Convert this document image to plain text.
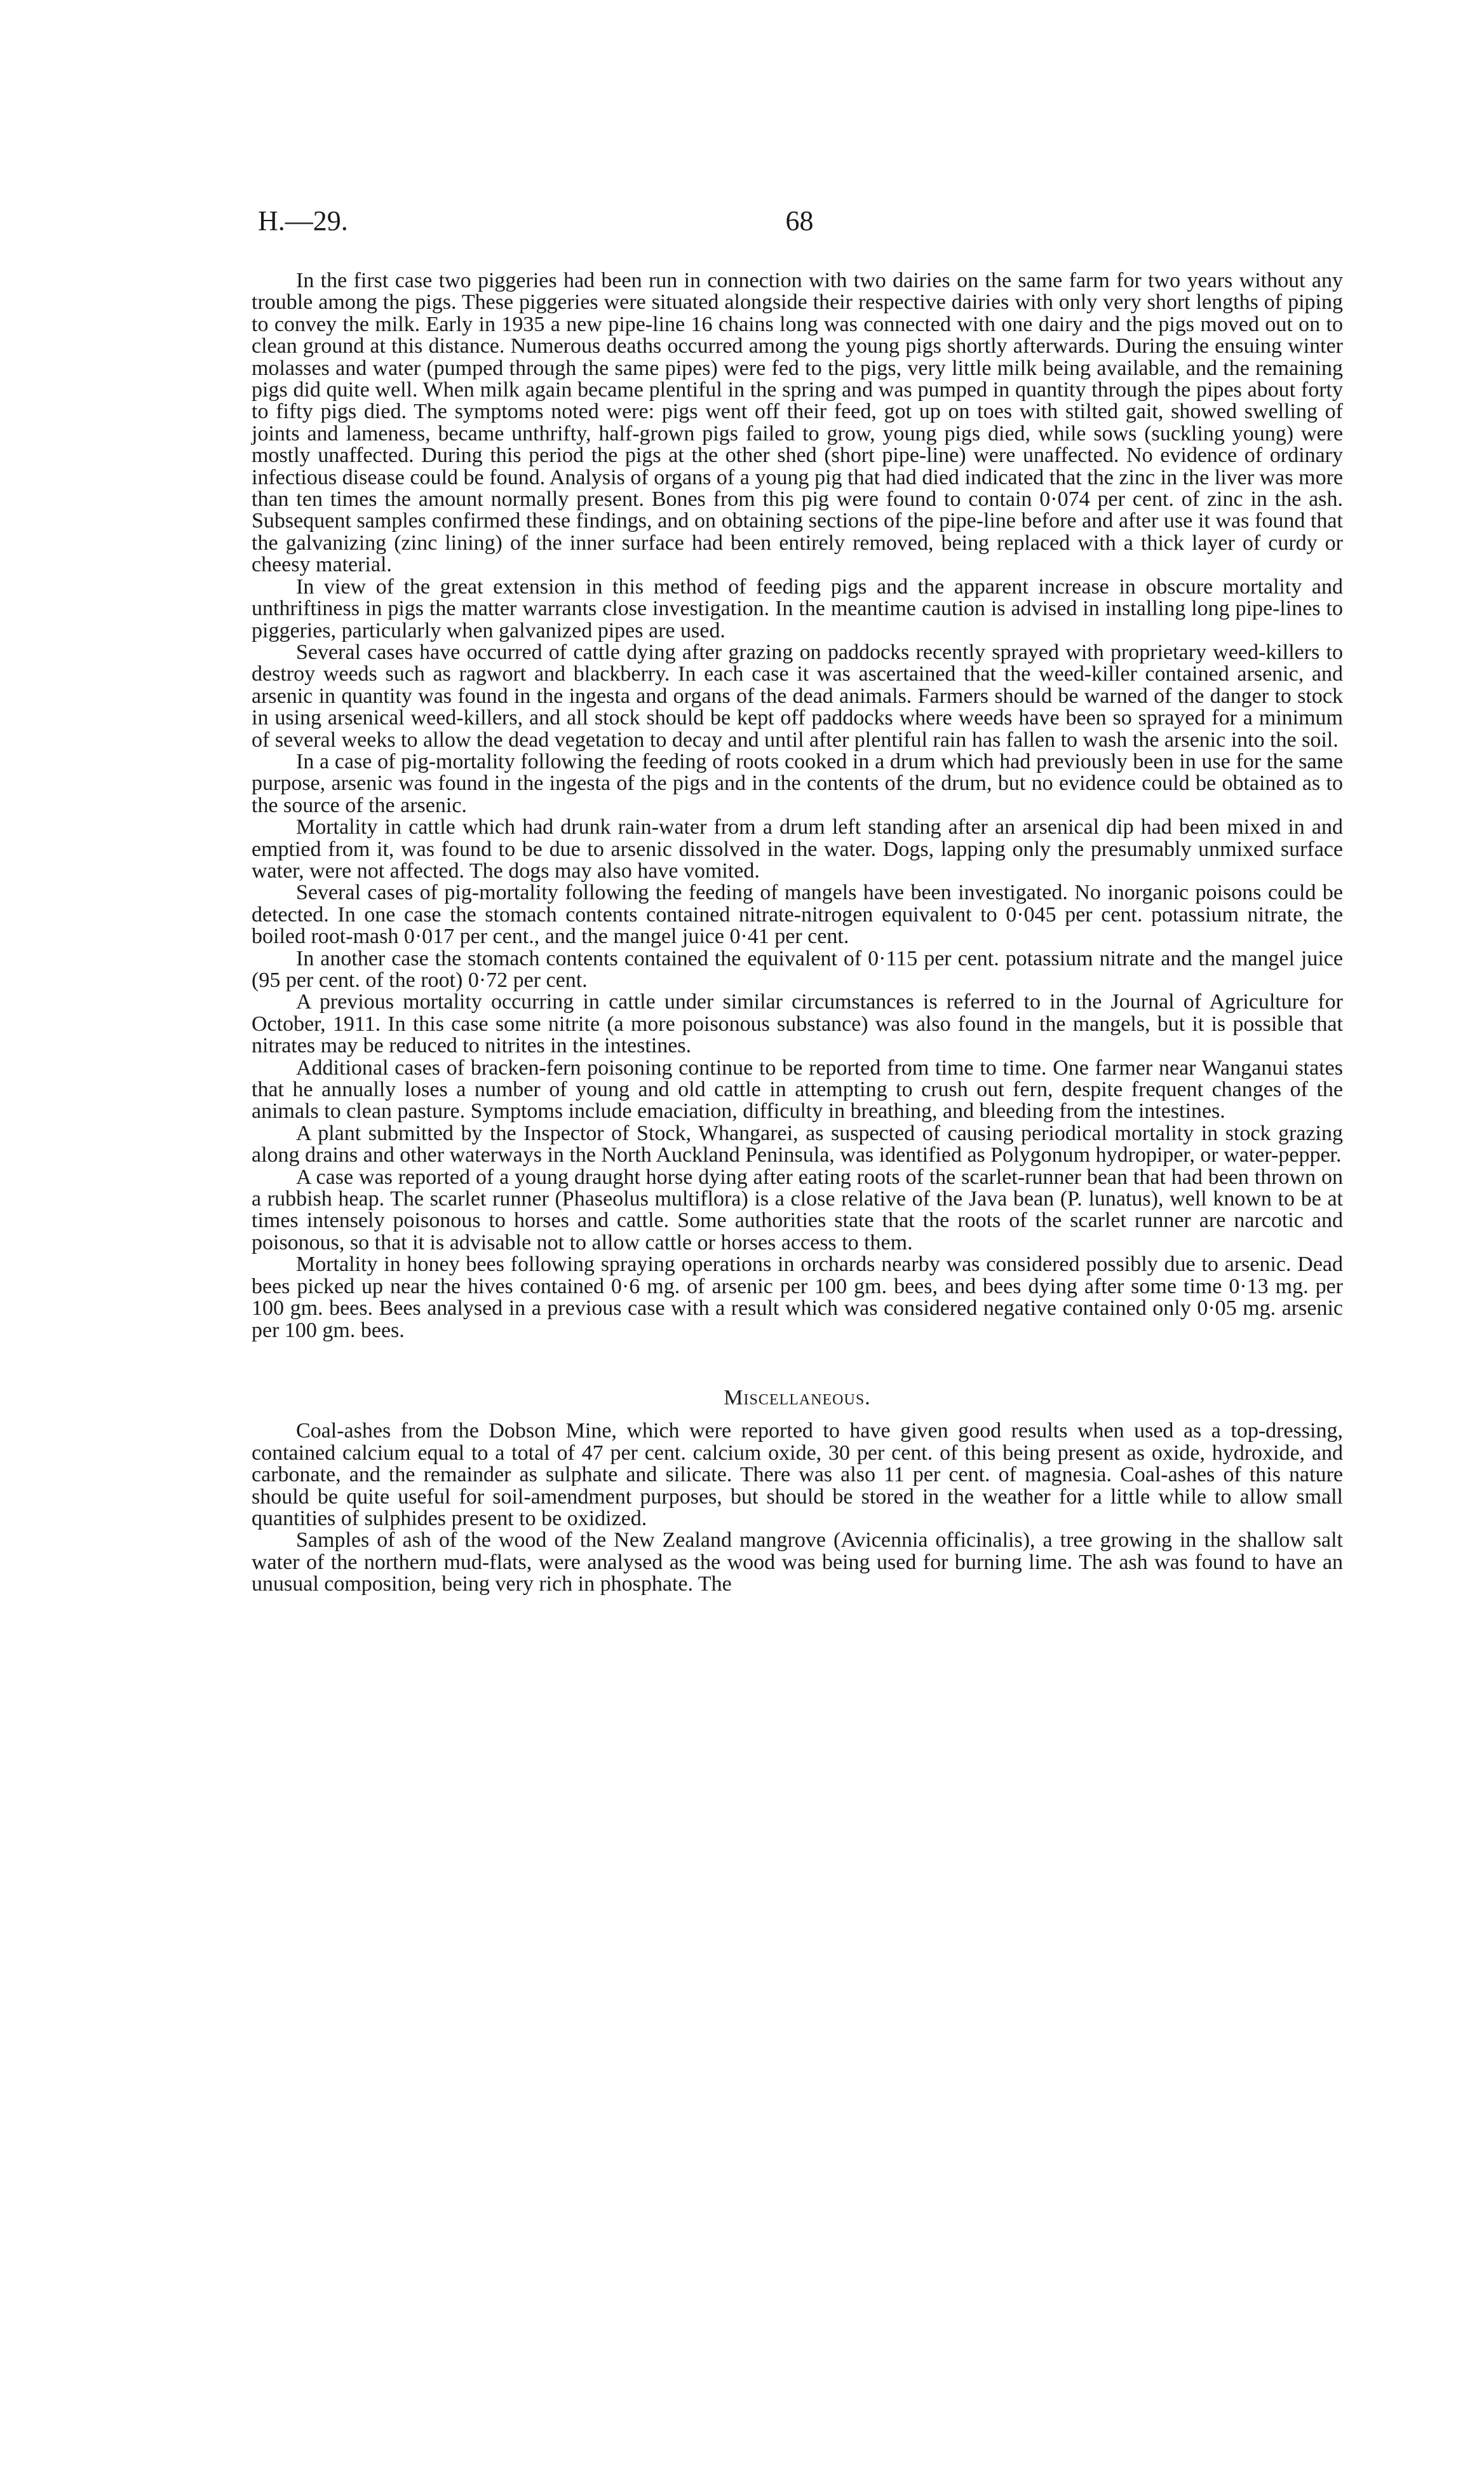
H.—29.	68

In the first case two piggeries had been run in connection with two dairies on the same farm for two years without any trouble among the pigs. These piggeries were situated alongside their respective dairies with only very short lengths of piping to convey the milk. Early in 1935 a new pipe-line 16 chains long was connected with one dairy and the pigs moved out on to clean ground at this distance. Numerous deaths occurred among the young pigs shortly afterwards. During the ensuing winter molasses and water (pumped through the same pipes) were fed to the pigs, very little milk being available, and the remaining pigs did quite well. When milk again became plentiful in the spring and was pumped in quantity through the pipes about forty to fifty pigs died. The symptoms noted were: pigs went off their feed, got up on toes with stilted gait, showed swelling of joints and lameness, became unthrifty, half-grown pigs failed to grow, young pigs died, while sows (suckling young) were mostly unaffected. During this period the pigs at the other shed (short pipe-line) were unaffected. No evidence of ordinary infectious disease could be found. Analysis of organs of a young pig that had died indicated that the zinc in the liver was more than ten times the amount normally present. Bones from this pig were found to contain 0·074 per cent. of zinc in the ash. Subsequent samples confirmed these findings, and on obtaining sections of the pipe-line before and after use it was found that the galvanizing (zinc lining) of the inner surface had been entirely removed, being replaced with a thick layer of curdy or cheesy material.

In view of the great extension in this method of feeding pigs and the apparent increase in obscure mortality and unthriftiness in pigs the matter warrants close investigation. In the meantime caution is advised in installing long pipe-lines to piggeries, particularly when galvanized pipes are used.

Several cases have occurred of cattle dying after grazing on paddocks recently sprayed with proprietary weed-killers to destroy weeds such as ragwort and blackberry. In each case it was ascertained that the weed-killer contained arsenic, and arsenic in quantity was found in the ingesta and organs of the dead animals. Farmers should be warned of the danger to stock in using arsenical weed-killers, and all stock should be kept off paddocks where weeds have been so sprayed for a minimum of several weeks to allow the dead vegetation to decay and until after plentiful rain has fallen to wash the arsenic into the soil.

In a case of pig-mortality following the feeding of roots cooked in a drum which had previously been in use for the same purpose, arsenic was found in the ingesta of the pigs and in the contents of the drum, but no evidence could be obtained as to the source of the arsenic.

Mortality in cattle which had drunk rain-water from a drum left standing after an arsenical dip had been mixed in and emptied from it, was found to be due to arsenic dissolved in the water. Dogs, lapping only the presumably unmixed surface water, were not affected. The dogs may also have vomited.

Several cases of pig-mortality following the feeding of mangels have been investigated. No inorganic poisons could be detected. In one case the stomach contents contained nitrate-nitrogen equivalent to 0·045 per cent. potassium nitrate, the boiled root-mash 0·017 per cent., and the mangel juice 0·41 per cent.

In another case the stomach contents contained the equivalent of 0·115 per cent. potassium nitrate and the mangel juice (95 per cent. of the root) 0·72 per cent.

A previous mortality occurring in cattle under similar circumstances is referred to in the Journal of Agriculture for October, 1911. In this case some nitrite (a more poisonous substance) was also found in the mangels, but it is possible that nitrates may be reduced to nitrites in the intestines.

Additional cases of bracken-fern poisoning continue to be reported from time to time. One farmer near Wanganui states that he annually loses a number of young and old cattle in attempting to crush out fern, despite frequent changes of the animals to clean pasture. Symptoms include emaciation, difficulty in breathing, and bleeding from the intestines.

A plant submitted by the Inspector of Stock, Whangarei, as suspected of causing periodical mortality in stock grazing along drains and other waterways in the North Auckland Peninsula, was identified as Polygonum hydropiper, or water-pepper.

A case was reported of a young draught horse dying after eating roots of the scarlet-runner bean that had been thrown on a rubbish heap. The scarlet runner (Phaseolus multiflora) is a close relative of the Java bean (P. lunatus), well known to be at times intensely poisonous to horses and cattle. Some authorities state that the roots of the scarlet runner are narcotic and poisonous, so that it is advisable not to allow cattle or horses access to them.

Mortality in honey bees following spraying operations in orchards nearby was considered possibly due to arsenic. Dead bees picked up near the hives contained 0·6 mg. of arsenic per 100 gm. bees, and bees dying after some time 0·13 mg. per 100 gm. bees. Bees analysed in a previous case with a result which was considered negative contained only 0·05 mg. arsenic per 100 gm. bees.

Miscellaneous.

Coal-ashes from the Dobson Mine, which were reported to have given good results when used as a top-dressing, contained calcium equal to a total of 47 per cent. calcium oxide, 30 per cent. of this being present as oxide, hydroxide, and carbonate, and the remainder as sulphate and silicate. There was also 11 per cent. of magnesia. Coal-ashes of this nature should be quite useful for soil-amendment purposes, but should be stored in the weather for a little while to allow small quantities of sulphides present to be oxidized.

Samples of ash of the wood of the New Zealand mangrove (Avicennia officinalis), a tree growing in the shallow salt water of the northern mud-flats, were analysed as the wood was being used for burning lime. The ash was found to have an unusual composition, being very rich in phosphate. The
